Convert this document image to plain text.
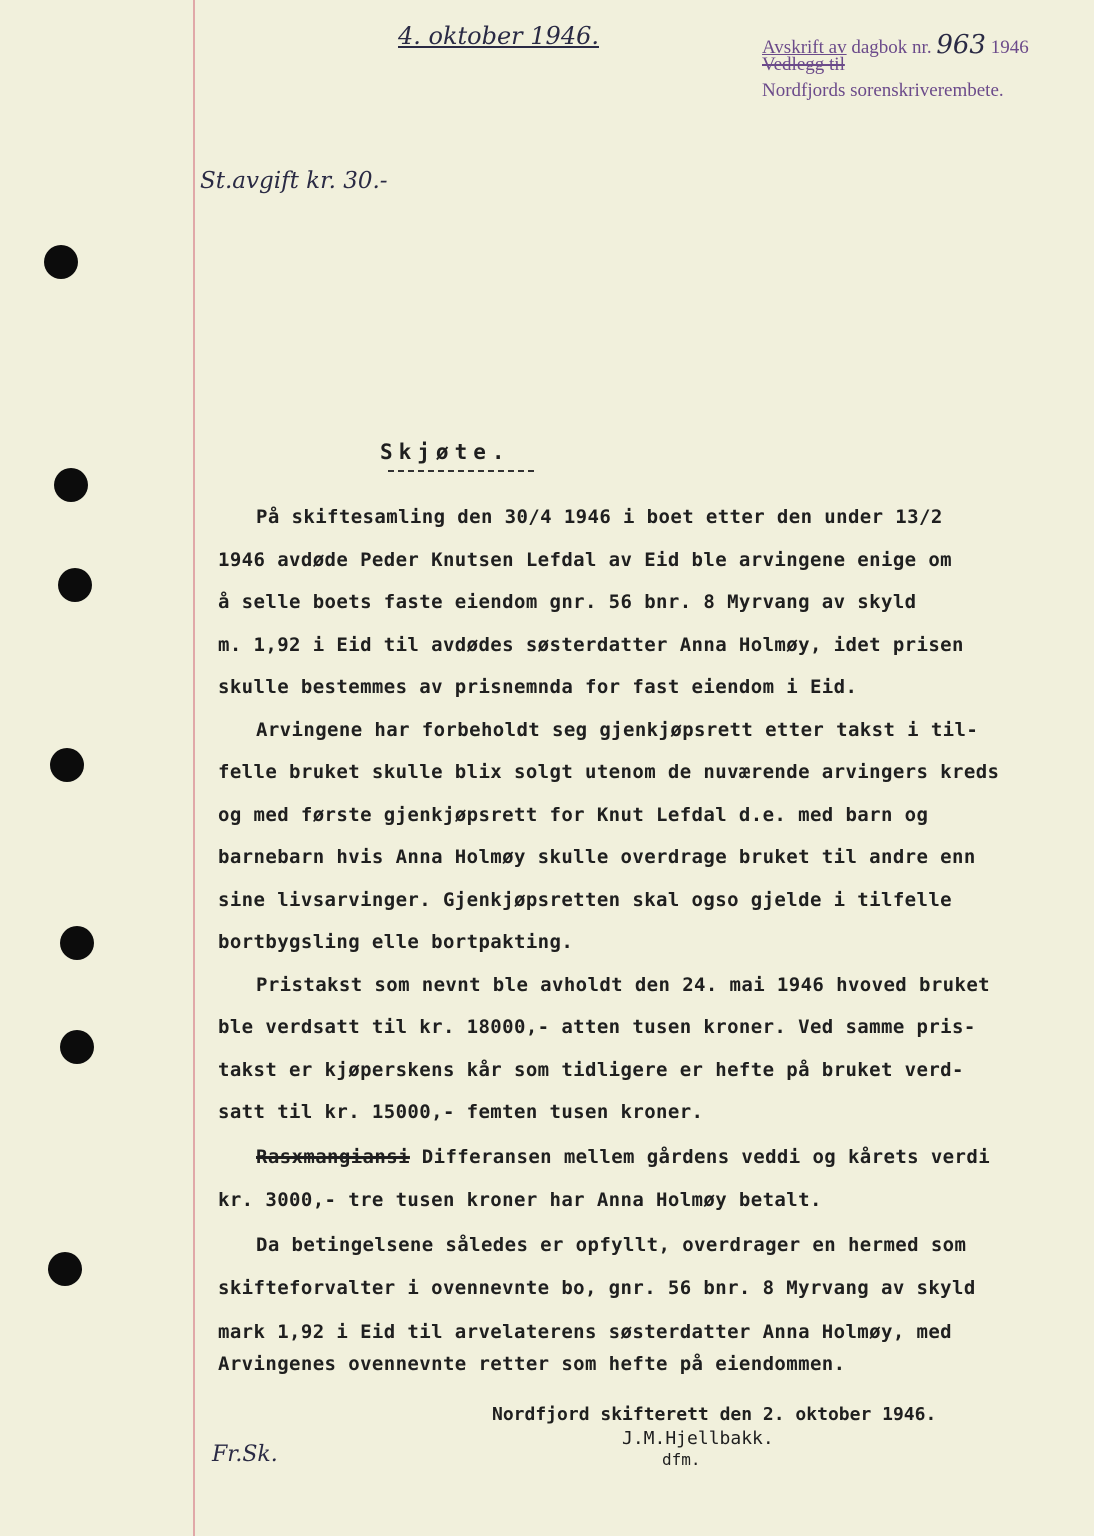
4. oktober 1946.	Avskrift av dagbok nr. 963 1946
Vedlegg til
Nordfjords sorenskriverembete.
St.avgift kr. 30.-
Skjøte.
På skiftesamling den 30/4 1946 i boet etter den under 13/2
1946 avdøde Peder Knutsen Lefdal av Eid ble arvingene enige om
å selle boets faste eiendom gnr. 56 bnr. 8 Myrvang av skyld
m. 1,92 i Eid til avdødes søsterdatter Anna Holmøy, idet prisen
skulle bestemmes av prisnemnda for fast eiendom i Eid.
Arvingene har forbeholdt seg gjenkjøpsrett etter takst i til-
felle bruket skulle blix solgt utenom de nuværende arvingers kreds
og med første gjenkjøpsrett for Knut Lefdal d.e. med barn og
barnebarn hvis Anna Holmøy skulle overdrage bruket til andre enn
sine livsarvinger. Gjenkjøpsretten skal ogso gjelde i tilfelle
bortbygsling elle bortpakting.
Pristakst som nevnt ble avholdt den 24. mai 1946 hvoved bruket
ble verdsatt til kr. 18000,- atten tusen kroner. Ved samme pris-
takst er kjøperskens kår som tidligere er hefte på bruket verd-
satt til kr. 15000,- femten tusen kroner.
Rasxmangiansi Differansen mellem gårdens veddi og kårets verdi
kr. 3000,- tre tusen kroner har Anna Holmøy betalt.
Da betingelsene således er opfyllt, overdrager en hermed som
skifteforvalter i ovennevnte bo, gnr. 56 bnr. 8 Myrvang av skyld
mark 1,92 i Eid til arvelaterens søsterdatter Anna Holmøy, med
Arvingenes ovennevnte retter som hefte på eiendommen.
Nordfjord skifterett den 2. oktober 1946.
J.M.Hjellbakk.
dfm.
Fr.Sk.
